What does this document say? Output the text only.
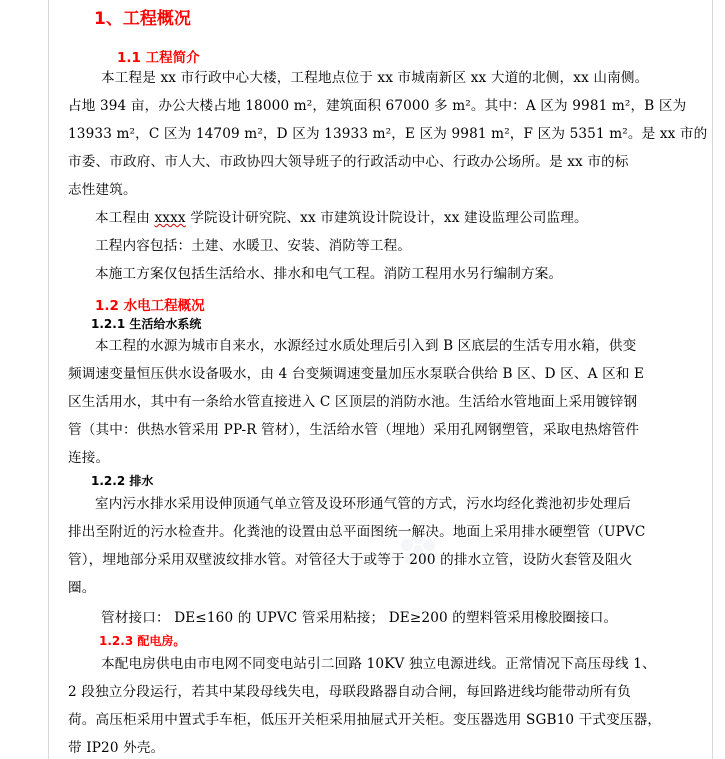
1、工程概况
1.1 工程简介
本工程是 xx 市行政中心大楼，工程地点位于 xx 市城南新区 xx 大道的北侧，xx 山南侧。
占地 394 亩，办公大楼占地 18000 m²，建筑面积 67000 多 m²。其中：A 区为 9981 m²，B 区为
13933 m²，C 区为 14709 m²，D 区为 13933 m²，E 区为 9981 m²，F 区为 5351 m²。是 xx 市的
市委、市政府、市人大、市政协四大领导班子的行政活动中心、行政办公场所。是 xx 市的标
志性建筑。
本工程由 xxxx 学院设计研究院、xx 市建筑设计院设计，xx 建设监理公司监理。
工程内容包括：土建、水暖卫、安装、消防等工程。
本施工方案仅包括生活给水、排水和电气工程。消防工程用水另行编制方案。
1.2 水电工程概况
1.2.1 生活给水系统
本工程的水源为城市自来水，水源经过水质处理后引入到 B 区底层的生活专用水箱，供变
频调速变量恒压供水设备吸水，由 4 台变频调速变量加压水泵联合供给 B 区、D 区、A 区和 E
区生活用水，其中有一条给水管直接进入 C 区顶层的消防水池。生活给水管地面上采用镀锌钢
管（其中：供热水管采用 PP-R 管材），生活给水管（埋地）采用孔网钢塑管，采取电热熔管件
连接。
1.2.2 排水
室内污水排水采用设伸顶通气单立管及设环形通气管的方式，污水均经化粪池初步处理后
排出至附近的污水检查井。化粪池的设置由总平面图统一解决。地面上采用排水硬塑管（UPVC
管），埋地部分采用双壁波纹排水管。对管径大于或等于 200 的排水立管，设防火套管及阻火
圈。
管材接口： DE≤160 的 UPVC 管采用粘接； DE≥200 的塑料管采用橡胶圈接口。
1.2.3 配电房。
本配电房供电由市电网不同变电站引二回路 10KV 独立电源进线。正常情况下高压母线 1、
2 段独立分段运行，若其中某段母线失电，母联段路器自动合闸，每回路进线均能带动所有负
荷。高压柜采用中置式手车柜，低压开关柜采用抽屉式开关柜。变压器选用 SGB10 干式变压器，
带 IP20 外壳。
